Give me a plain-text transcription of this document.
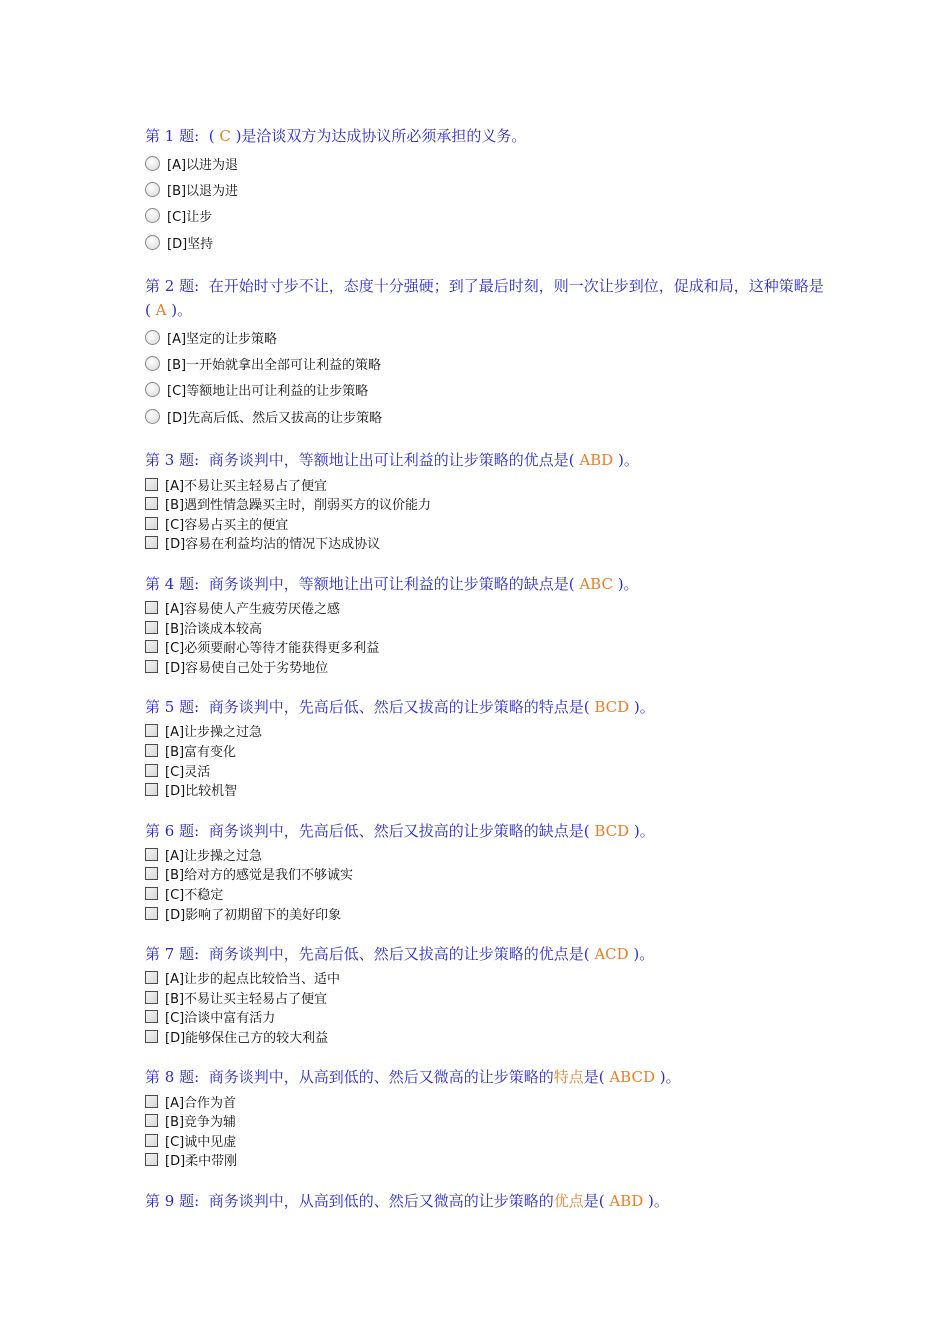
第 1 题: ( C )是洽谈双方为达成协议所必须承担的义务。
[A]以进为退
[B]以退为进
[C]让步
[D]坚持
第 2 题: 在开始时寸步不让，态度十分强硬；到了最后时刻，则一次让步到位，促成和局，这种策略是( A )。
[A]坚定的让步策略
[B]一开始就拿出全部可让利益的策略
[C]等额地让出可让利益的让步策略
[D]先高后低、然后又拔高的让步策略
第 3 题: 商务谈判中，等额地让出可让利益的让步策略的优点是( ABD )。
[A]不易让买主轻易占了便宜
[B]遇到性情急躁买主时，削弱买方的议价能力
[C]容易占买主的便宜
[D]容易在利益均沾的情况下达成协议
第 4 题: 商务谈判中，等额地让出可让利益的让步策略的缺点是( ABC )。
[A]容易使人产生疲劳厌倦之感
[B]洽谈成本较高
[C]必须要耐心等待才能获得更多利益
[D]容易使自己处于劣势地位
第 5 题: 商务谈判中，先高后低、然后又拔高的让步策略的特点是( BCD )。
[A]让步操之过急
[B]富有变化
[C]灵活
[D]比较机智
第 6 题: 商务谈判中，先高后低、然后又拔高的让步策略的缺点是( BCD )。
[A]让步操之过急
[B]给对方的感觉是我们不够诚实
[C]不稳定
[D]影响了初期留下的美好印象
第 7 题: 商务谈判中，先高后低、然后又拔高的让步策略的优点是( ACD )。
[A]让步的起点比较恰当、适中
[B]不易让买主轻易占了便宜
[C]洽谈中富有活力
[D]能够保住己方的较大利益
第 8 题: 商务谈判中，从高到低的、然后又微高的让步策略的特点是( ABCD )。
[A]合作为首
[B]竞争为辅
[C]诚中见虚
[D]柔中带刚
第 9 题: 商务谈判中，从高到低的、然后又微高的让步策略的优点是( ABD )。
